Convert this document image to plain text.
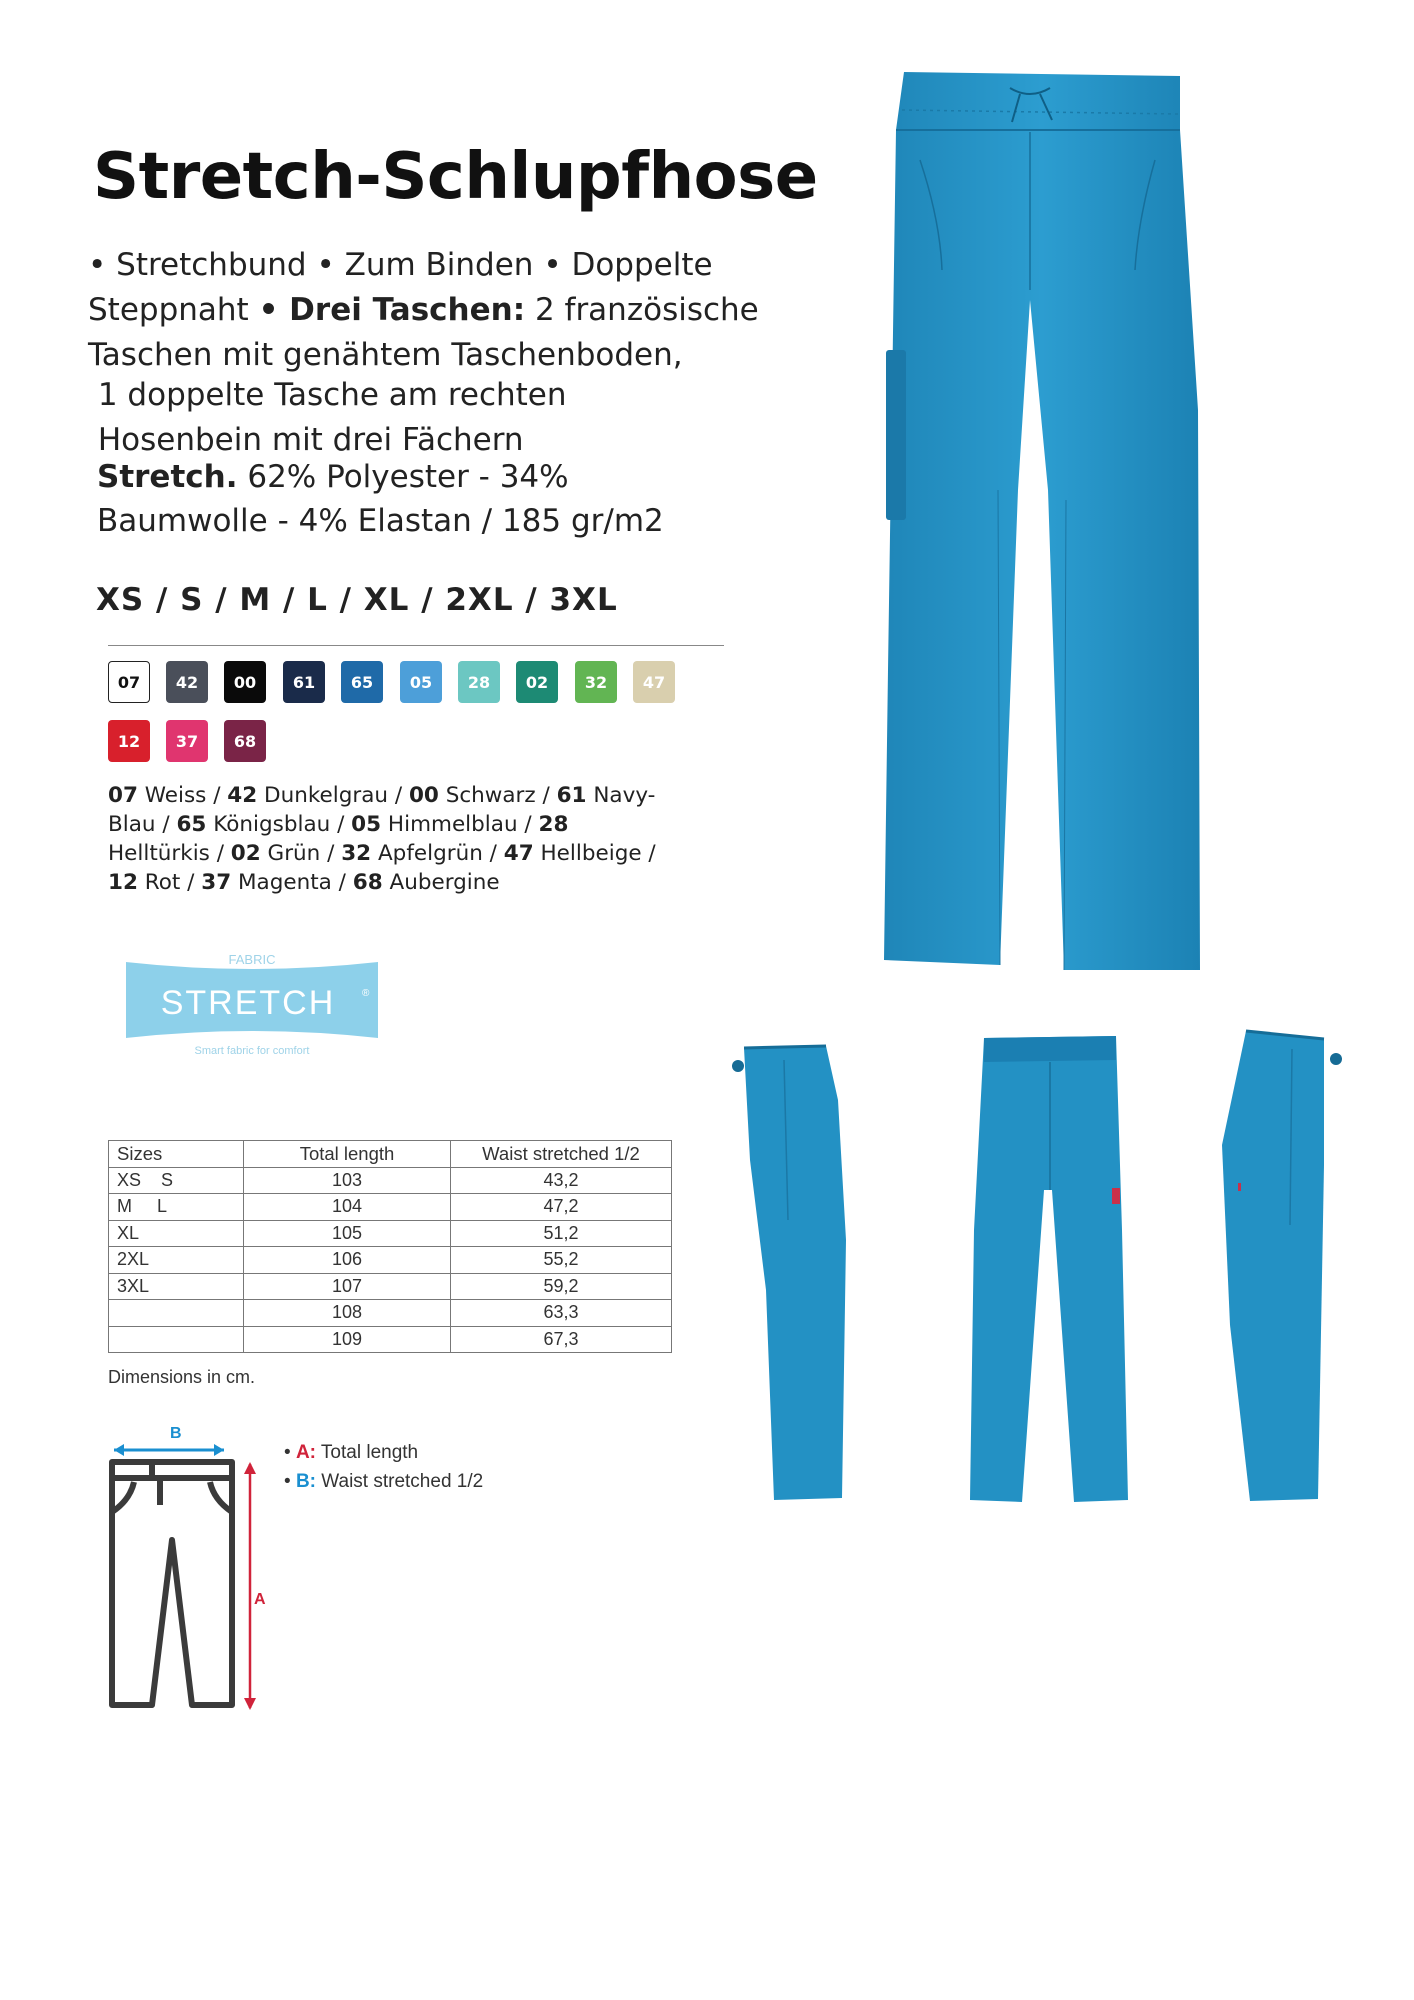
Stretch-Schlupfhose
• Stretchbund • Zum Binden • Doppelte
Steppnaht • Drei Taschen: 2 französische
Taschen mit genähtem Taschenboden,
1 doppelte Tasche am rechten
Hosenbein mit drei Fächern
Stretch. 62% Polyester - 34%
Baumwolle - 4% Elastan / 185 gr/m2
XS / S / M / L / XL / 2XL / 3XL
07	42	00	61	65	05	28	02	32	47
12	37	68
07 Weiss / 42 Dunkelgrau / 00 Schwarz / 61 Navy-Blau / 65 Königsblau / 05 Himmelblau / 28 Helltürkis / 02 Grün / 32 Apfelgrün / 47 Hellbeige / 12 Rot / 37 Magenta / 68 Aubergine
FABRIC
STRETCH	®
Smart fabric for comfort
Sizes	Total length	Waist stretched 1/2
XS    S	103	43,2
M     L	104	47,2
XL	105	51,2
2XL	106	55,2
3XL	107	59,2
	108	63,3
	109	67,3
Dimensions in cm.
B
A
• A: Total length
• B: Waist stretched 1/2
